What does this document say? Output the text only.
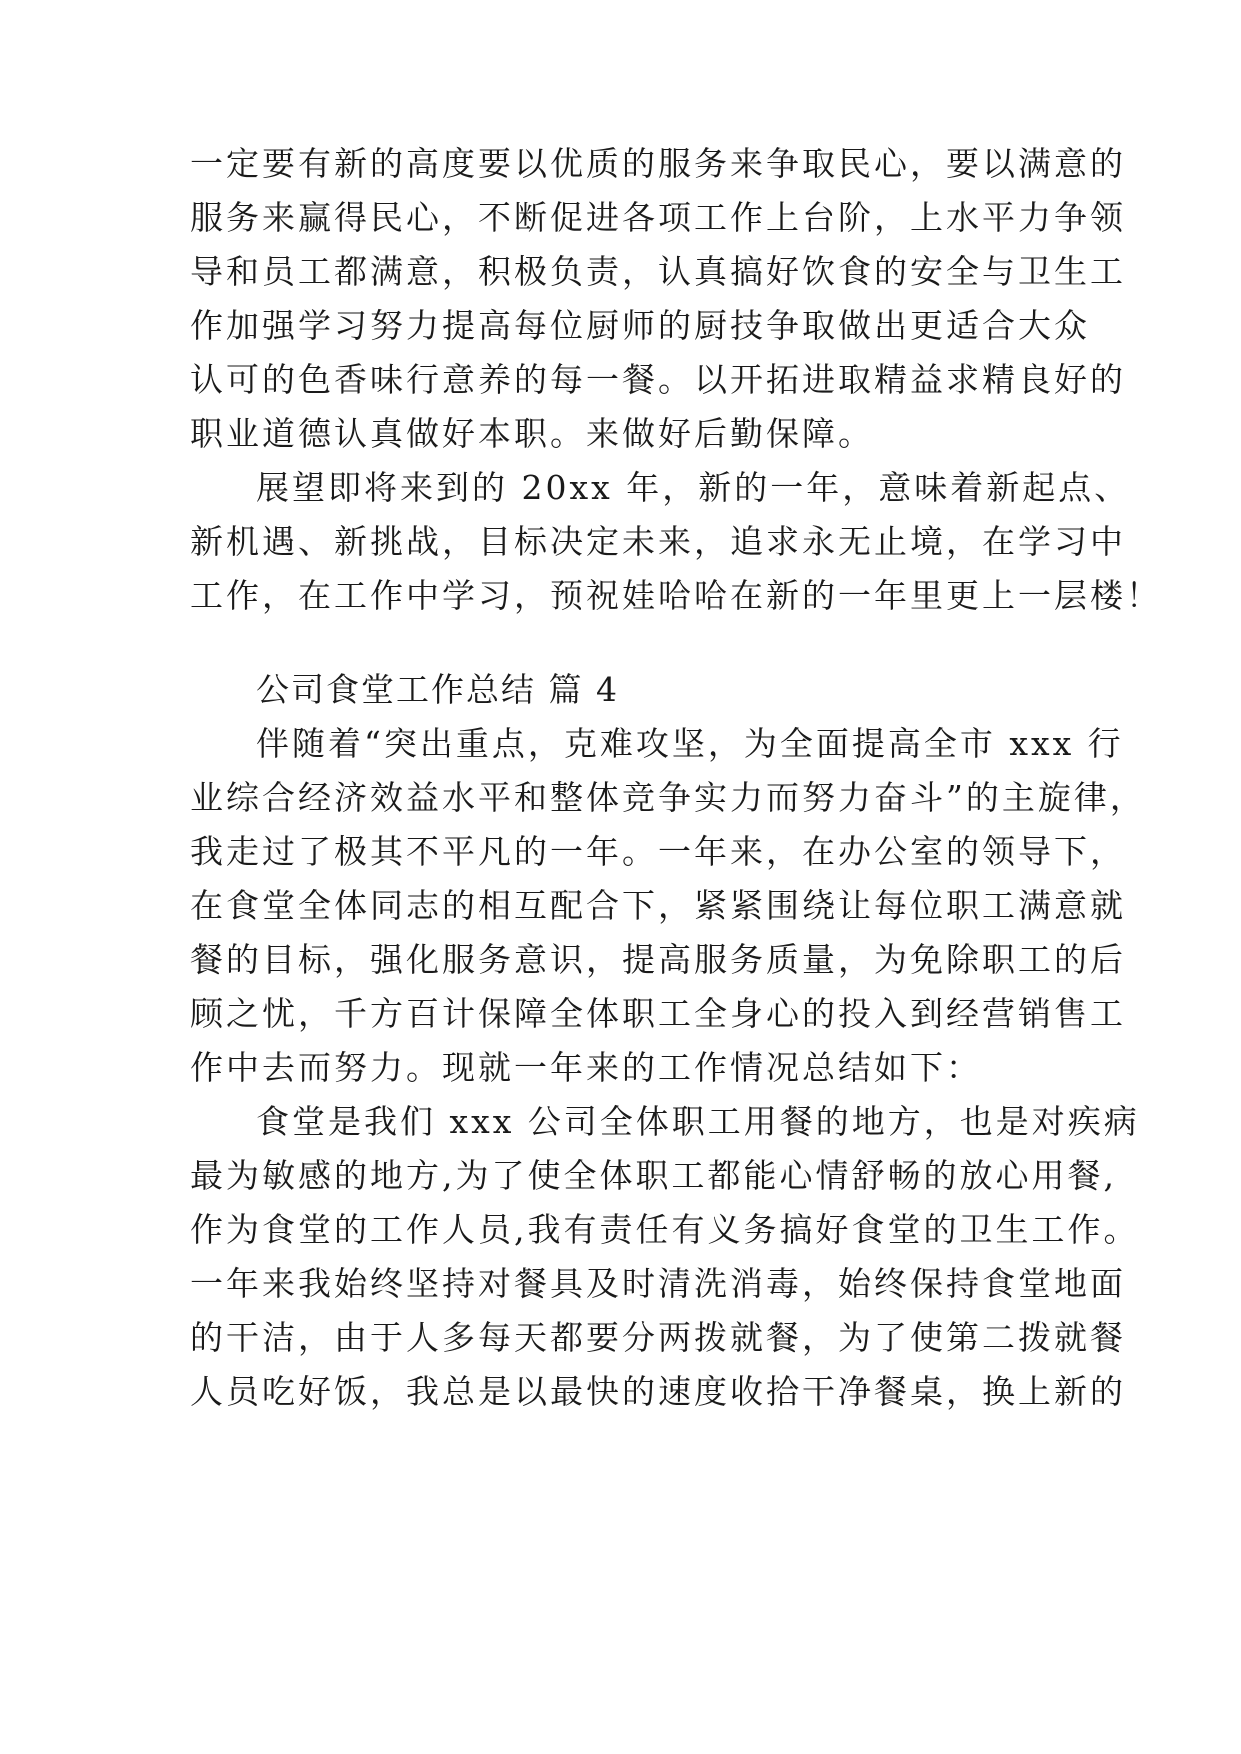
一定要有新的高度要以优质的服务来争取民心，要以满意的
服务来赢得民心，不断促进各项工作上台阶，上水平力争领
导和员工都满意，积极负责，认真搞好饮食的安全与卫生工
作加强学习努力提高每位厨师的厨技争取做出更适合大众
认可的色香味行意养的每一餐。以开拓进取精益求精良好的
职业道德认真做好本职。来做好后勤保障。
展望即将来到的 20xx 年，新的一年，意味着新起点、
新机遇、新挑战，目标决定未来，追求永无止境，在学习中
工作，在工作中学习，预祝娃哈哈在新的一年里更上一层楼！
公司食堂工作总结 篇 4
伴随着“突出重点，克难攻坚，为全面提高全市 xxx 行
业综合经济效益水平和整体竞争实力而努力奋斗”的主旋律，
我走过了极其不平凡的一年。一年来，在办公室的领导下，
在食堂全体同志的相互配合下，紧紧围绕让每位职工满意就
餐的目标，强化服务意识，提高服务质量，为免除职工的后
顾之忧，千方百计保障全体职工全身心的投入到经营销售工
作中去而努力。现就一年来的工作情况总结如下：
食堂是我们 xxx 公司全体职工用餐的地方，也是对疾病
最为敏感的地方,为了使全体职工都能心情舒畅的放心用餐,
作为食堂的工作人员,我有责任有义务搞好食堂的卫生工作。
一年来我始终坚持对餐具及时清洗消毒，始终保持食堂地面
的干洁，由于人多每天都要分两拨就餐，为了使第二拨就餐
人员吃好饭，我总是以最快的速度收拾干净餐桌，换上新的
